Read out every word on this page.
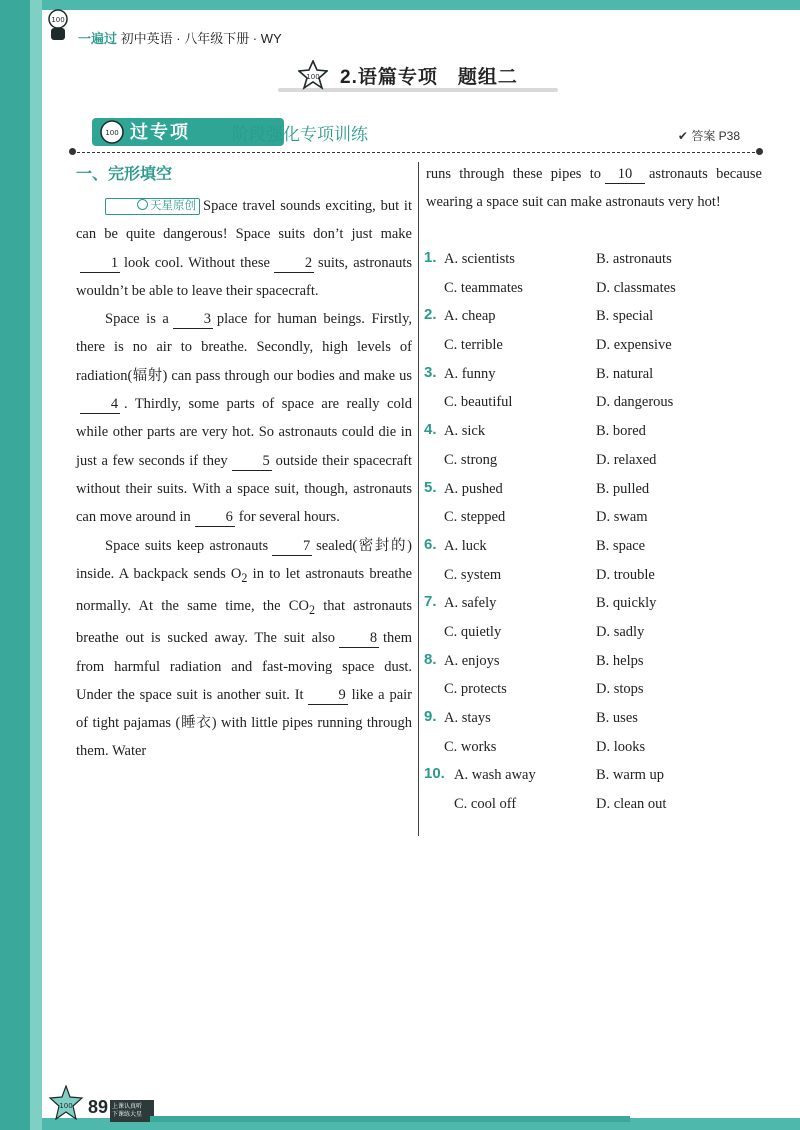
100
一遍过 初中英语 · 八年级下册 · WY
100 2.语篇专项　题组二
100 过专项 阶段强化专项训练	✔ 答案 P38

一、完形填空

天星原创 Space travel sounds exciting, but it can be quite dangerous! Space suits don’t just make1 look cool. Without these 2 suits, astronauts wouldn’t be able to leave their spacecraft.

Space is a 3 place for human beings. Firstly, there is no air to breathe. Secondly, high levels of radiation(辐射) can pass through our bodies and make us4 . Thirdly, some parts of space are really cold while other parts are very hot. So astronauts could die in just a few seconds if they 5 outside their spacecraft without their suits. With a space suit, though, astronauts can move around in 6 for several hours.

Space suits keep astronauts 7 sealed(密封的) inside. A backpack sends $O_2$ in to let astronauts breathe normally. At the same time, the $CO_2$ that astronauts breathe out is sucked away. The suit also 8 them from harmful radiation and fast-moving space dust. Under the space suit is another suit. It 9 like a pair of tight pajamas (睡衣) with little pipes running through them. Water

runs through these pipes to 10 astronauts because wearing a space suit can make astronauts very hot!

1. A. scientists	B. astronauts
C. teammates	D. classmates
2. A. cheap	B. special
C. terrible	D. expensive
3. A. funny	B. natural
C. beautiful	D. dangerous
4. A. sick	B. bored
C. strong	D. relaxed
5. A. pushed	B. pulled
C. stepped	D. swam
6. A. luck	B. space
C. system	D. trouble
7. A. safely	B. quickly
C. quietly	D. sadly
8. A. enjoys	B. helps
C. protects	D. stops
9. A. stays	B. uses
C. works	D. looks
10. A. wash away	B. warm up
C. cool off	D. clean out
100 89 上课认真听
下课练大星
